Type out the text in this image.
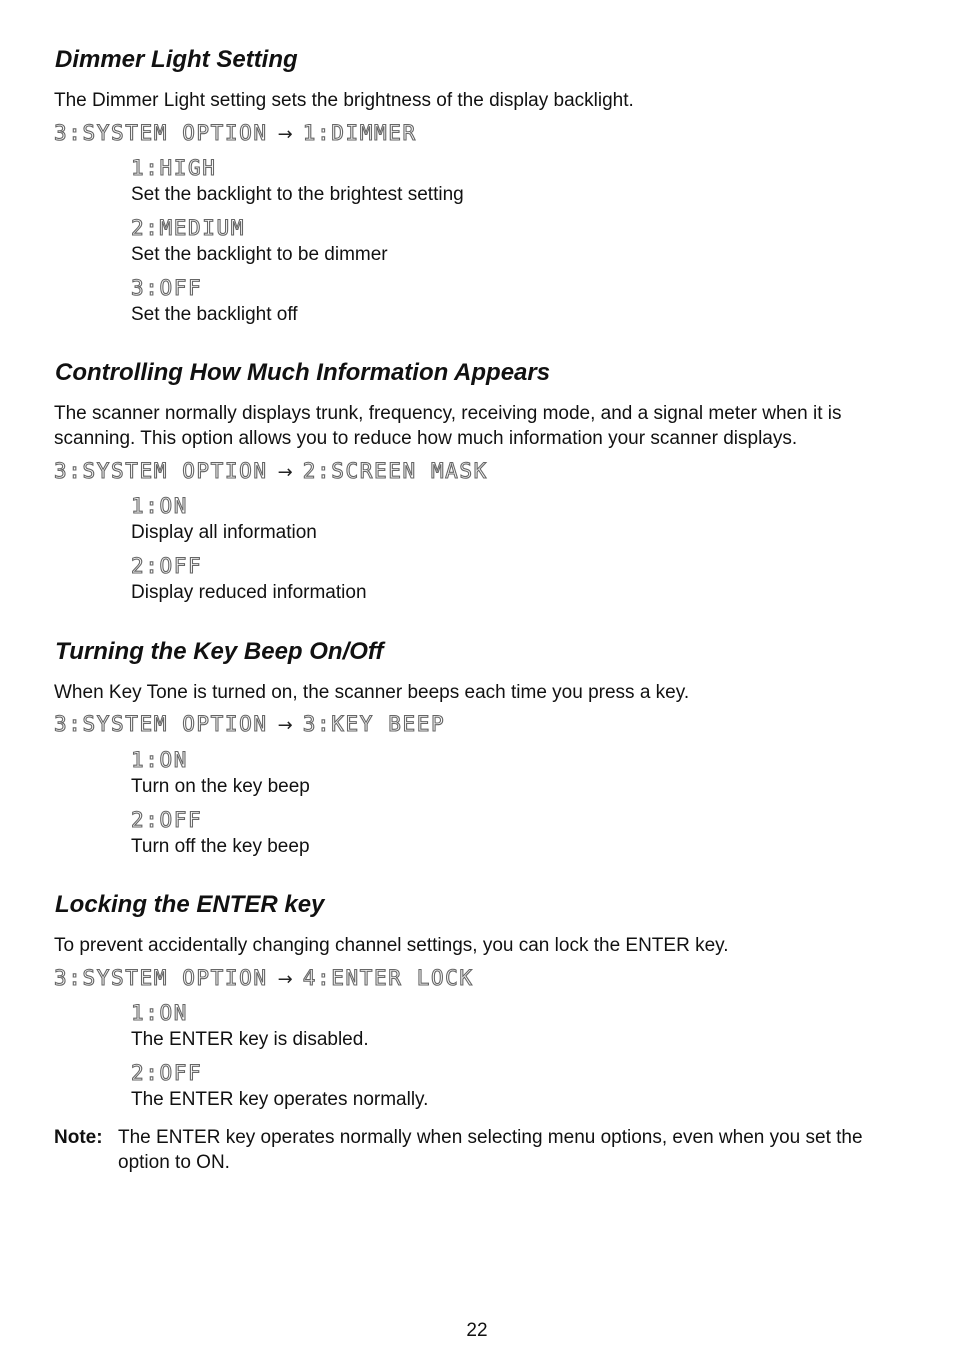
Dimmer Light Setting

The Dimmer Light setting sets the brightness of the display backlight.

3:SYSTEM OPTION → 1:DIMMER
1:HIGH

Set the backlight to the brightest setting

2:MEDIUM

Set the backlight to be dimmer

3:OFF

Set the backlight off

Controlling How Much Information Appears

The scanner normally displays trunk, frequency, receiving mode, and a signal meter when it is scanning. This option allows you to reduce how much information your scanner displays.

3:SYSTEM OPTION → 2:SCREEN MASK
1:ON

Display all information

2:OFF

Display reduced information

Turning the Key Beep On/Off

When Key Tone is turned on, the scanner beeps each time you press a key.

3:SYSTEM OPTION → 3:KEY BEEP
1:ON

Turn on the key beep

2:OFF

Turn off the key beep

Locking the ENTER key

To prevent accidentally changing channel settings, you can lock the ENTER key.

3:SYSTEM OPTION → 4:ENTER LOCK
1:ON

The ENTER key is disabled.

2:OFF

The ENTER key operates normally.

Note: The ENTER key operates normally when selecting menu options, even when you set the option to ON.
22
